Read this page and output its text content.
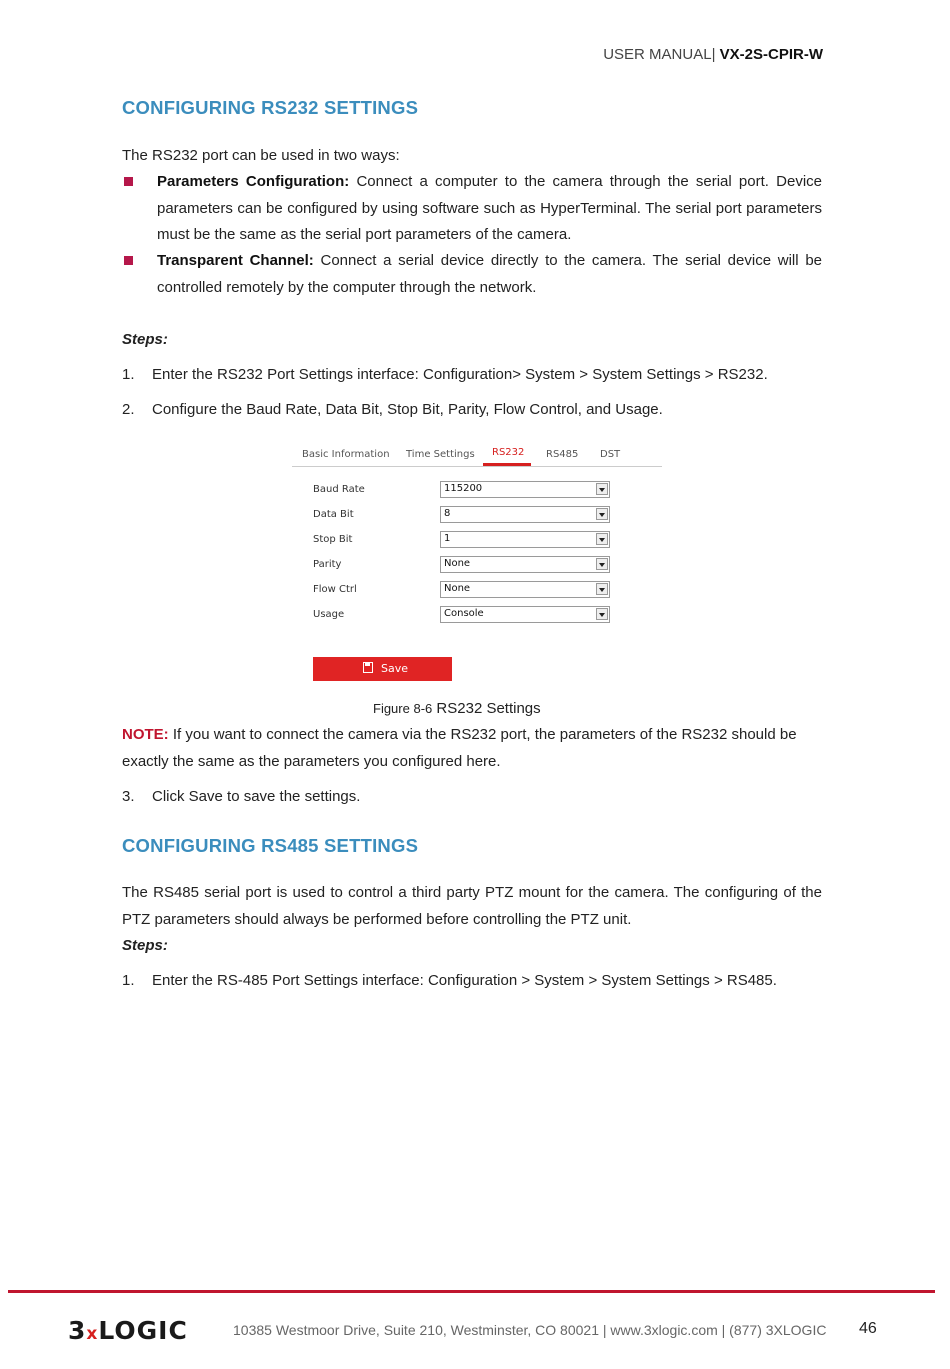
USER MANUAL| VX-2S-CPIR-W
CONFIGURING RS232 SETTINGS

The RS232 port can be used in two ways:

Parameters Configuration: Connect a computer to the camera through the serial port. Device parameters can be configured by using software such as HyperTerminal. The serial port parameters must be the same as the serial port parameters of the camera.
Transparent Channel: Connect a serial device directly to the camera. The serial device will be controlled remotely by the computer through the network.

Steps:

1. Enter the RS232 Port Settings interface: Configuration> System > System Settings > RS232.
2. Configure the Baud Rate, Data Bit, Stop Bit, Parity, Flow Control, and Usage.
Basic Information Time Settings RS232 RS485 DST
Baud Rate	115200
Data Bit	8
Stop Bit	1
Parity	None
Flow Ctrl	None
Usage	Console
Save
Figure 8-6 RS232 Settings

NOTE: If you want to connect the camera via the RS232 port, the parameters of the RS232 should be exactly the same as the parameters you configured here.

3. Click Save to save the settings.
CONFIGURING RS485 SETTINGS

The RS485 serial port is used to control a third party PTZ mount for the camera. The configuring of the PTZ parameters should always be performed before controlling the PTZ unit.

Steps:

1. Enter the RS-485 Port Settings interface: Configuration > System > System Settings > RS485.
3xLOGIC	10385 Westmoor Drive, Suite 210, Westminster, CO 80021 | www.3xlogic.com | (877) 3XLOGIC 46
